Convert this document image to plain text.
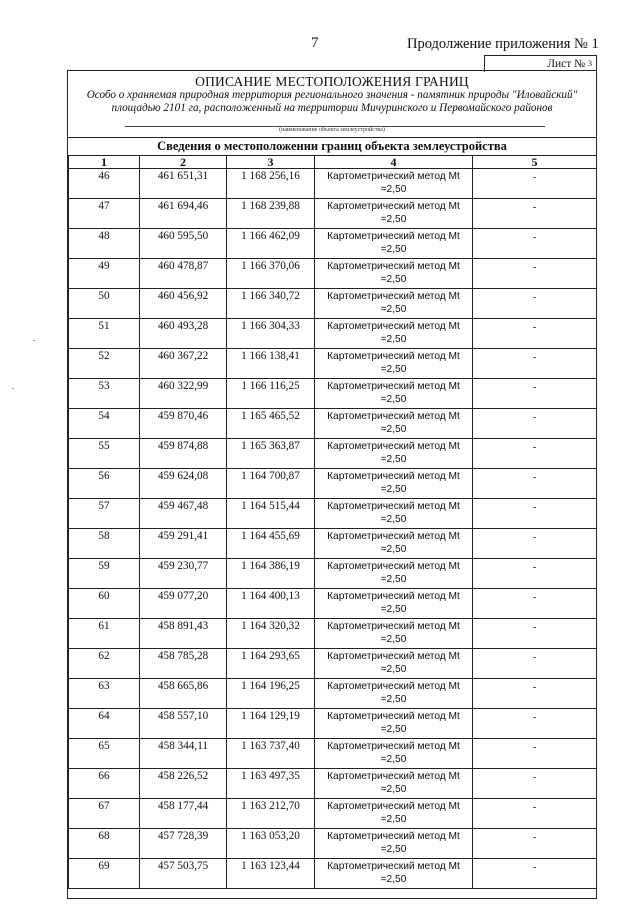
7	Продолжение приложения № 1
Лист № $^3$
ОПИСАНИЕ МЕСТОПОЛОЖЕНИЯ ГРАНИЦ
Особо о храняемая природная территория регионального значения - памятник природы "Иловайский" площадью 2101 га, расположенный на территории Мичуринского и Первомайского районов
(наименование объекта землеустройства)
Сведения о местоположении границ объекта землеустройства
1	2	3	4	5
46	461 651,31	1 168 256,16	Картометрический метод Mt =2,50	-
47	461 694,46	1 168 239,88	Картометрический метод Mt =2,50	-
48	460 595,50	1 166 462,09	Картометрический метод Mt =2,50	-
49	460 478,87	1 166 370,06	Картометрический метод Mt =2,50	-
50	460 456,92	1 166 340,72	Картометрический метод Mt =2,50	-
51	460 493,28	1 166 304,33	Картометрический метод Mt =2,50	-
52	460 367,22	1 166 138,41	Картометрический метод Mt =2,50	-
53	460 322,99	1 166 116,25	Картометрический метод Mt =2,50	-
54	459 870,46	1 165 465,52	Картометрический метод Mt =2,50	-
55	459 874,88	1 165 363,87	Картометрический метод Mt =2,50	-
56	459 624,08	1 164 700,87	Картометрический метод Mt =2,50	-
57	459 467,48	1 164 515,44	Картометрический метод Mt =2,50	-
58	459 291,41	1 164 455,69	Картометрический метод Mt =2,50	-
59	459 230,77	1 164 386,19	Картометрический метод Mt =2,50	-
60	459 077,20	1 164 400,13	Картометрический метод Mt =2,50	-
61	458 891,43	1 164 320,32	Картометрический метод Mt =2,50	-
62	458 785,28	1 164 293,65	Картометрический метод Mt =2,50	-
63	458 665,86	1 164 196,25	Картометрический метод Mt =2,50	-
64	458 557,10	1 164 129,19	Картометрический метод Mt =2,50	-
65	458 344,11	1 163 737,40	Картометрический метод Mt =2,50	-
66	458 226,52	1 163 497,35	Картометрический метод Mt =2,50	-
67	458 177,44	1 163 212,70	Картометрический метод Mt =2,50	-
68	457 728,39	1 163 053,20	Картометрический метод Mt =2,50	-
69	457 503,75	1 163 123,44	Картометрический метод Mt =2,50	-
